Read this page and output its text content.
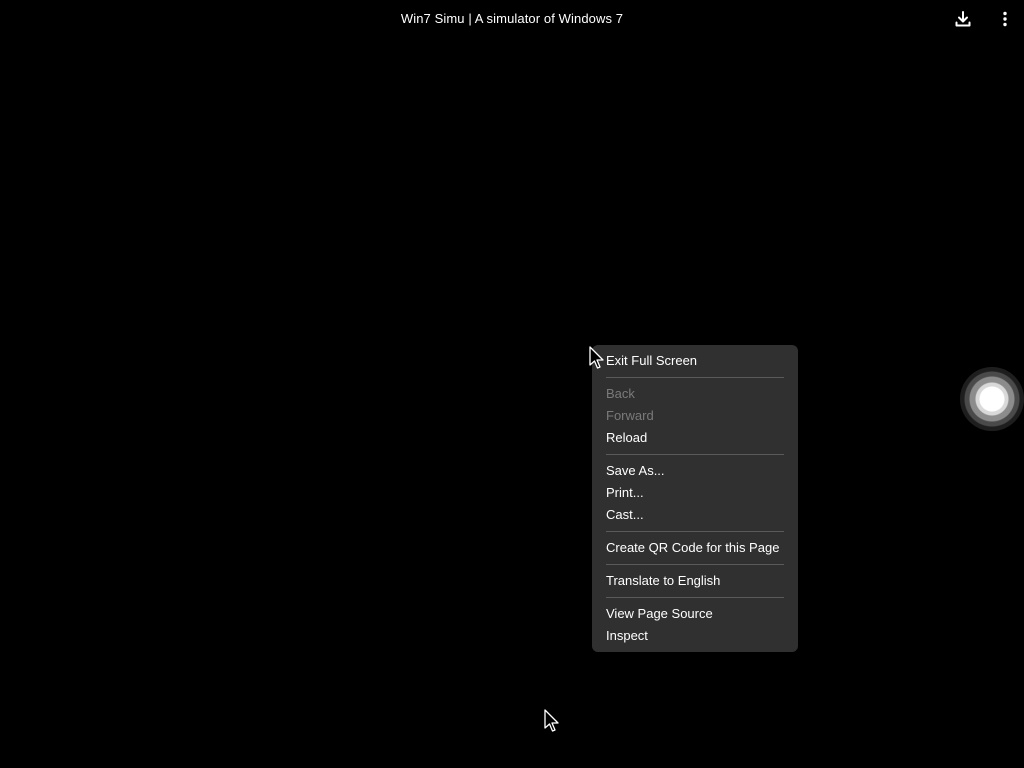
Win7 Simu | A simulator of Windows 7
Exit Full Screen
Back
Forward
Reload
Save As...
Print...
Cast...
Create QR Code for this Page
Translate to English
View Page Source
Inspect
